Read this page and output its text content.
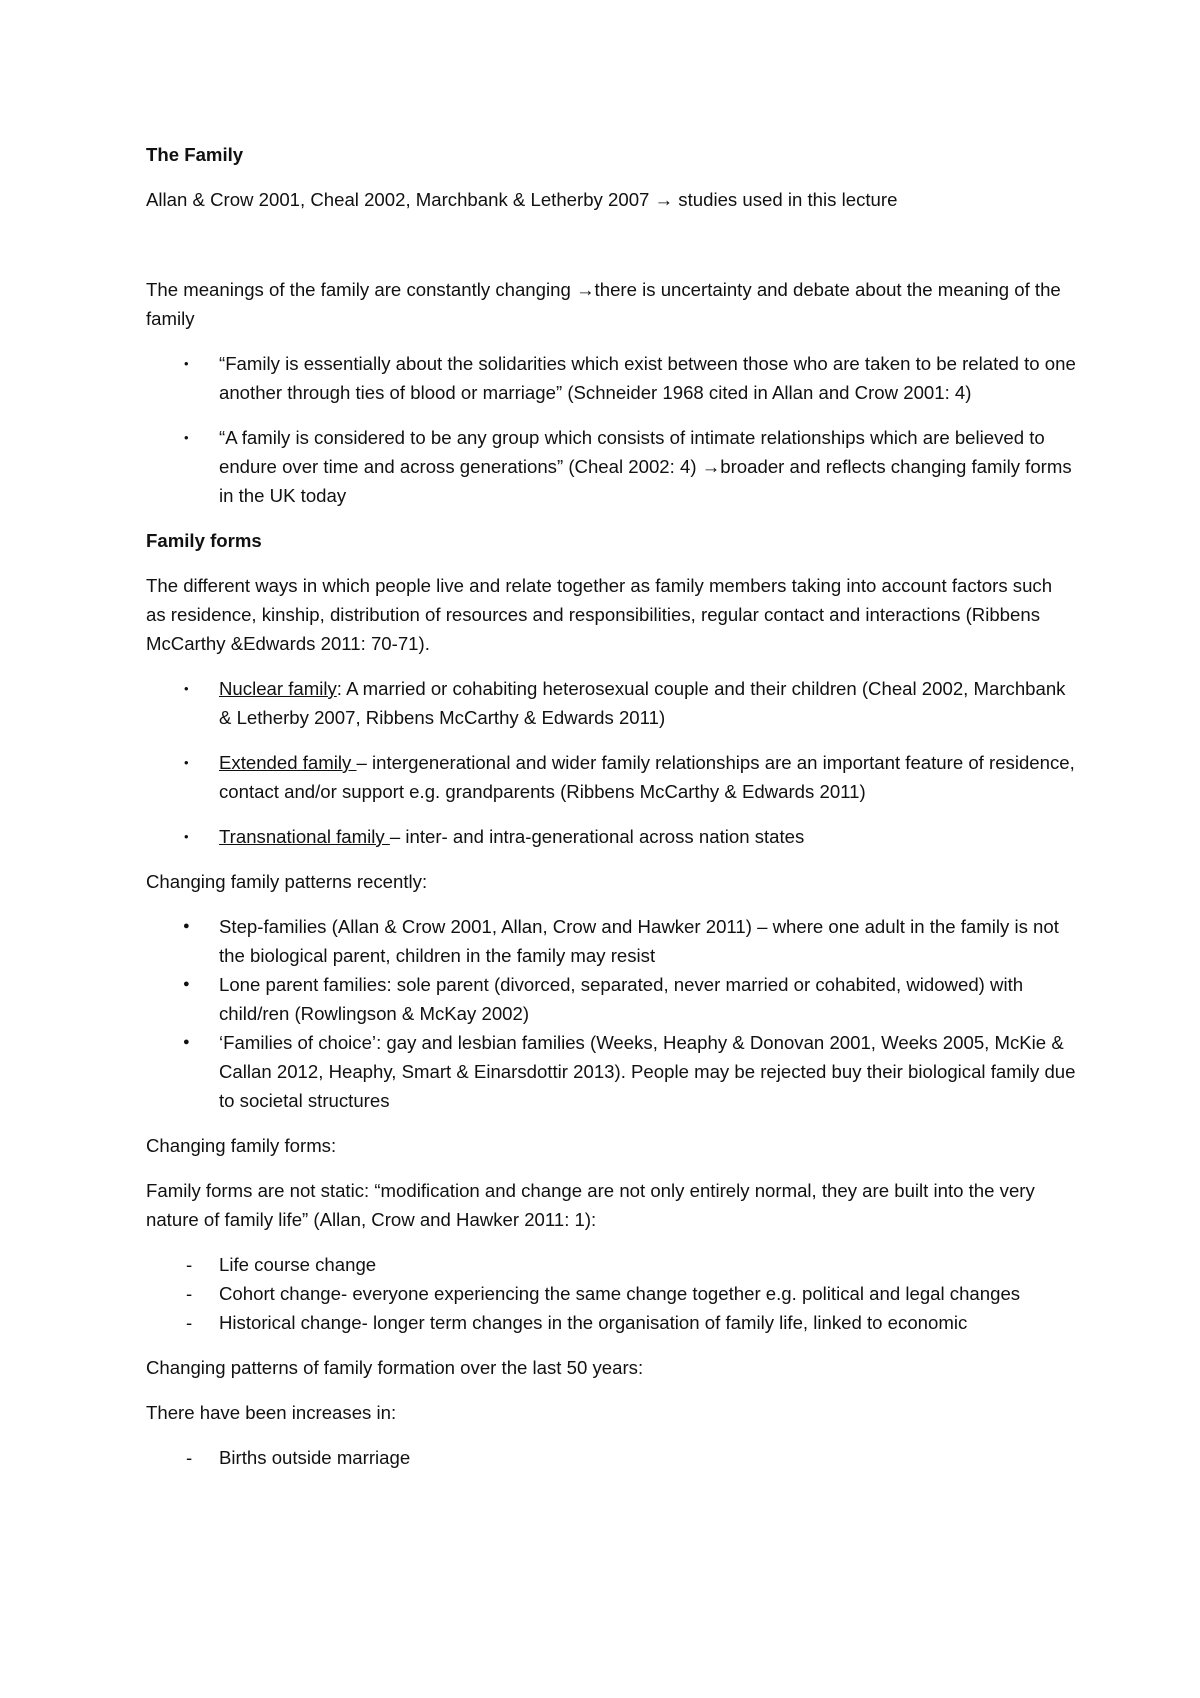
The Family

Allan & Crow 2001, Cheal 2002, Marchbank & Letherby 2007 → studies used in this lecture

The meanings of the family are constantly changing →there is uncertainty and debate about the meaning of the family

• “Family is essentially about the solidarities which exist between those who are taken to be related to one another through ties of blood or marriage” (Schneider 1968 cited in Allan and Crow 2001: 4)
• “A family is considered to be any group which consists of intimate relationships which are believed to endure over time and across generations” (Cheal 2002: 4) →broader and reflects changing family forms in the UK today

Family forms

The different ways in which people live and relate together as family members taking into account factors such as residence, kinship, distribution of resources and responsibilities, regular contact and interactions (Ribbens McCarthy &Edwards 2011: 70-71).

• Nuclear family: A married or cohabiting heterosexual couple and their children (Cheal 2002, Marchbank & Letherby 2007, Ribbens McCarthy & Edwards 2011)
• Extended family – intergenerational and wider family relationships are an important feature of residence, contact and/or support e.g. grandparents (Ribbens McCarthy & Edwards 2011)
• Transnational family – inter- and intra-generational across nation states

Changing family patterns recently:

● Step-families (Allan & Crow 2001, Allan, Crow and Hawker 2011) – where one adult in the family is not the biological parent, children in the family may resist
● Lone parent families: sole parent (divorced, separated, never married or cohabited, widowed) with child/ren (Rowlingson & McKay 2002)
● ‘Families of choice’: gay and lesbian families (Weeks, Heaphy & Donovan 2001, Weeks 2005, McKie & Callan 2012, Heaphy, Smart & Einarsdottir 2013). People may be rejected buy their biological family due to societal structures

Changing family forms:

Family forms are not static: “modification and change are not only entirely normal, they are built into the very nature of family life” (Allan, Crow and Hawker 2011: 1):

- Life course change
- Cohort change- everyone experiencing the same change together e.g. political and legal changes
- Historical change- longer term changes in the organisation of family life, linked to economic

Changing patterns of family formation over the last 50 years:

There have been increases in:

- Births outside marriage
